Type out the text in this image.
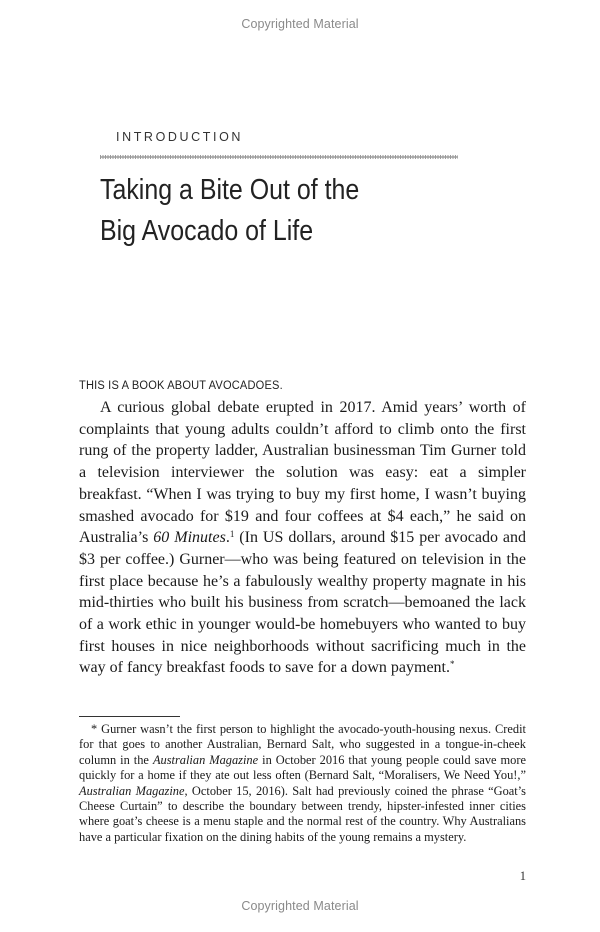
Copyrighted Material
INTRODUCTION
Taking a Bite Out of the
Big Avocado of Life
THIS IS A BOOK ABOUT AVOCADOES.

A curious global debate erupted in 2017. Amid years’ worth of complaints that young adults couldn’t afford to climb onto the first rung of the property ladder, Australian businessman Tim Gurner told a television interviewer the solution was easy: eat a simpler breakfast. “When I was trying to buy my first home, I wasn’t buying smashed avocado for $19 and four coffees at $4 each,” he said on Australia’s 60 Minutes.$^1$ (In US dollars, around $15 per avocado and $3 per coffee.) Gurner—who was being featured on television in the first place because he’s a fabulously wealthy property magnate in his mid-thirties who built his business from scratch—bemoaned the lack of a work ethic in younger would-be homebuyers who wanted to buy first houses in nice neighborhoods without sacrificing much in the way of fancy breakfast foods to save for a down payment.*

* Gurner wasn’t the first person to highlight the avocado-youth-housing nexus. Credit for that goes to another Australian, Bernard Salt, who suggested in a tongue-in-cheek column in the Australian Magazine in October 2016 that young people could save more quickly for a home if they ate out less often (Bernard Salt, “Moralisers, We Need You!,” Australian Magazine, October 15, 2016). Salt had previously coined the phrase “Goat’s Cheese Curtain” to describe the boundary between trendy, hipster-infested inner cities where goat’s cheese is a menu staple and the normal rest of the country. Why Australians have a particular fixation on the dining habits of the young remains a mystery.

1
Copyrighted Material
